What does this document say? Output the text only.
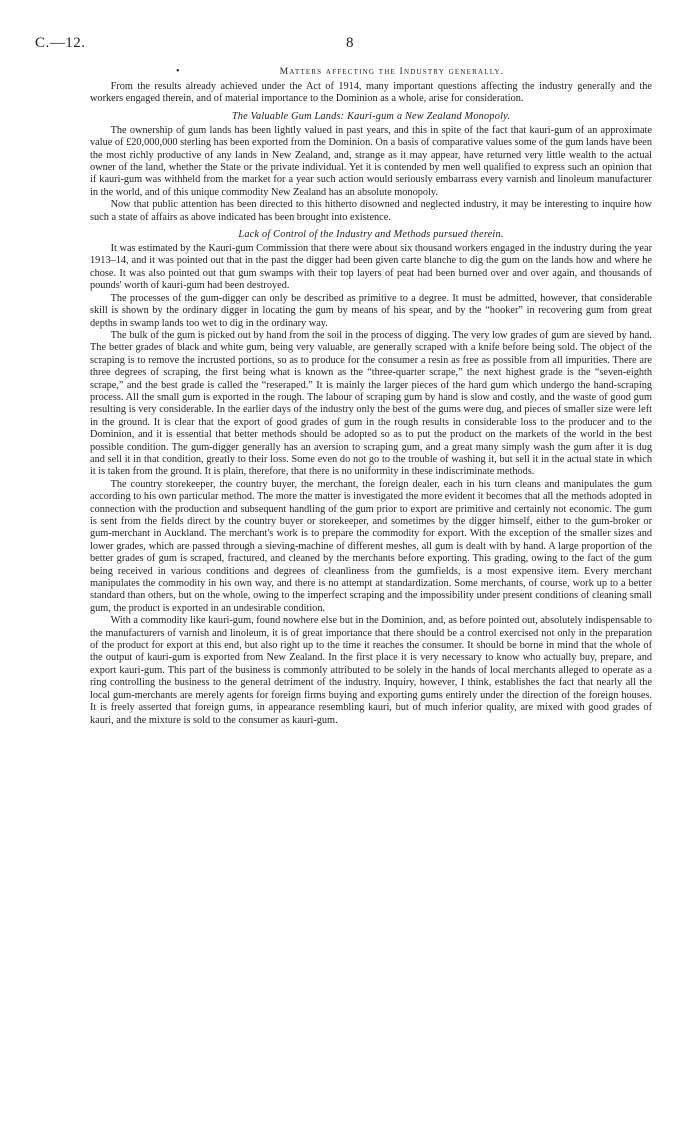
C.—12.	8
•	Matters affecting the Industry generally.

From the results already achieved under the Act of 1914, many important questions affecting the industry generally and the workers engaged therein, and of material importance to the Dominion as a whole, arise for consideration.

The Valuable Gum Lands: Kauri-gum a New Zealand Monopoly.

The ownership of gum lands has been lightly valued in past years, and this in spite of the fact that kauri-gum of an approximate value of £20,000,000 sterling has been exported from the Dominion. On a basis of comparative values some of the gum lands have been the most richly productive of any lands in New Zealand, and, strange as it may appear, have returned very little wealth to the actual owner of the land, whether the State or the private individual. Yet it is contended by men well qualified to express such an opinion that if kauri-gum was withheld from the market for a year such action would seriously embarrass every varnish and linoleum manufacturer in the world, and of this unique commodity New Zealand has an absolute monopoly.

Now that public attention has been directed to this hitherto disowned and neglected industry, it may be interesting to inquire how such a state of affairs as above indicated has been brought into existence.

Lack of Control of the Industry and Methods pursued therein.

It was estimated by the Kauri-gum Commission that there were about six thousand workers engaged in the industry during the year 1913–14, and it was pointed out that in the past the digger had been given carte blanche to dig the gum on the lands how and where he chose. It was also pointed out that gum swamps with their top layers of peat had been burned over and over again, and thousands of pounds' worth of kauri-gum had been destroyed.

The processes of the gum-digger can only be described as primitive to a degree. It must be admitted, however, that considerable skill is shown by the ordinary digger in locating the gum by means of his spear, and by the “hooker” in recovering gum from great depths in swamp lands too wet to dig in the ordinary way.

The bulk of the gum is picked out by hand from the soil in the process of digging. The very low grades of gum are sieved by hand. The better grades of black and white gum, being very valuable, are generally scraped with a knife before being sold. The object of the scraping is to remove the incrusted portions, so as to produce for the consumer a resin as free as possible from all impurities. There are three degrees of scraping, the first being what is known as the “three-quarter scrape,” the next highest grade is the “seven-eighth scrape,” and the best grade is called the “reseraped.” It is mainly the larger pieces of the hard gum which undergo the hand-scraping process. All the small gum is exported in the rough. The labour of scraping gum by hand is slow and costly, and the waste of good gum resulting is very considerable. In the earlier days of the industry only the best of the gums were dug, and pieces of smaller size were left in the ground. It is clear that the export of good grades of gum in the rough results in considerable loss to the producer and to the Dominion, and it is essential that better methods should be adopted so as to put the product on the markets of the world in the best possible condition. The gum-digger generally has an aversion to scraping gum, and a great many simply wash the gum after it is dug and sell it in that condition, greatly to their loss. Some even do not go to the trouble of washing it, but sell it in the actual state in which it is taken from the ground. It is plain, therefore, that there is no uniformity in these indiscriminate methods.

The country storekeeper, the country buyer, the merchant, the foreign dealer, each in his turn cleans and manipulates the gum according to his own particular method. The more the matter is investigated the more evident it becomes that all the methods adopted in connection with the production and subsequent handling of the gum prior to export are primitive and certainly not economic. The gum is sent from the fields direct by the country buyer or storekeeper, and sometimes by the digger himself, either to the gum-broker or gum-merchant in Auckland. The merchant's work is to prepare the commodity for export. With the exception of the smaller sizes and lower grades, which are passed through a sieving-machine of different meshes, all gum is dealt with by hand. A large proportion of the better grades of gum is scraped, fractured, and cleaned by the merchants before exporting. This grading, owing to the fact of the gum being received in various conditions and degrees of cleanliness from the gumfields, is a most expensive item. Every merchant manipulates the commodity in his own way, and there is no attempt at standardization. Some merchants, of course, work up to a better standard than others, but on the whole, owing to the imperfect scraping and the impossibility under present conditions of cleaning small gum, the product is exported in an undesirable condition.

With a commodity like kauri-gum, found nowhere else but in the Dominion, and, as before pointed out, absolutely indispensable to the manufacturers of varnish and linoleum, it is of great importance that there should be a control exercised not only in the preparation of the product for export at this end, but also right up to the time it reaches the consumer. It should be borne in mind that the whole of the output of kauri-gum is exported from New Zealand. In the first place it is very necessary to know who actually buy, prepare, and export kauri-gum. This part of the business is commonly attributed to be solely in the hands of local merchants alleged to operate as a ring controlling the business to the general detriment of the industry. Inquiry, however, I think, establishes the fact that nearly all the local gum-merchants are merely agents for foreign firms buying and exporting gums entirely under the direction of the foreign houses. It is freely asserted that foreign gums, in appearance resembling kauri, but of much inferior quality, are mixed with good grades of kauri, and the mixture is sold to the consumer as kauri-gum.
